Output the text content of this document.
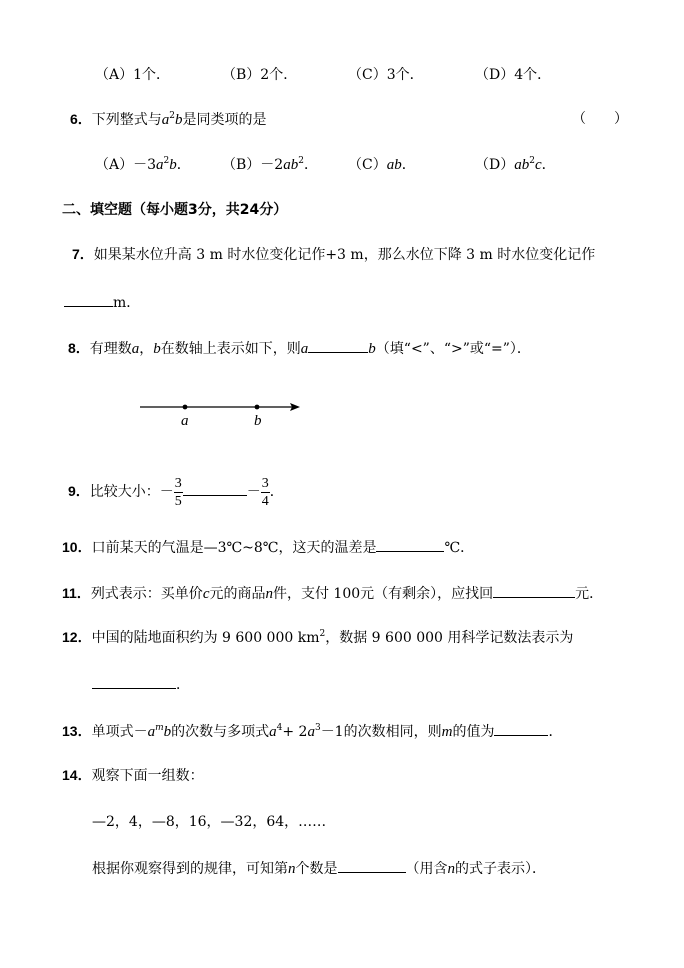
（A）1个．	（B）2个．	（C）3个．	（D）4个．
6．下列整式与$a^2b$是同类项的是	（　　）
$(A)-3a^2b$． $(B)-2ab^2$． （C）ab．	$(D)ab^2c$．
二、填空题（每小题3分，共24分）
7．如果某水位升高 3 m 时水位变化记作+3 m，那么水位下降 3 m 时水位变化记作
m．
8．有理数a，b在数轴上表示如下，则a	b（填“<”、“>”或“=”）．
a	b
9．比较大小：－ $\frac{3}{5}$	－ $\frac{3}{4}$ ．
10．口前某天的气温是—3℃~8℃，这天的温差是	℃．
11．列式表示：买单价c元的商品n件，支付 100元（有剩余），应找回	元．
12．中国的陆地面积约为 9 600 000 $km^2$，数据 9 600 000 用科学记数法表示为
．
13．单项式$-a^mb$的次数与多项式$a^4+ 2a^3-1$的次数相同，则m的值为	．
14．观察下面一组数：
—2，4，—8，16，—32，64，……
根据你观察得到的规律，可知第n个数是	（用含n的式子表示）．
